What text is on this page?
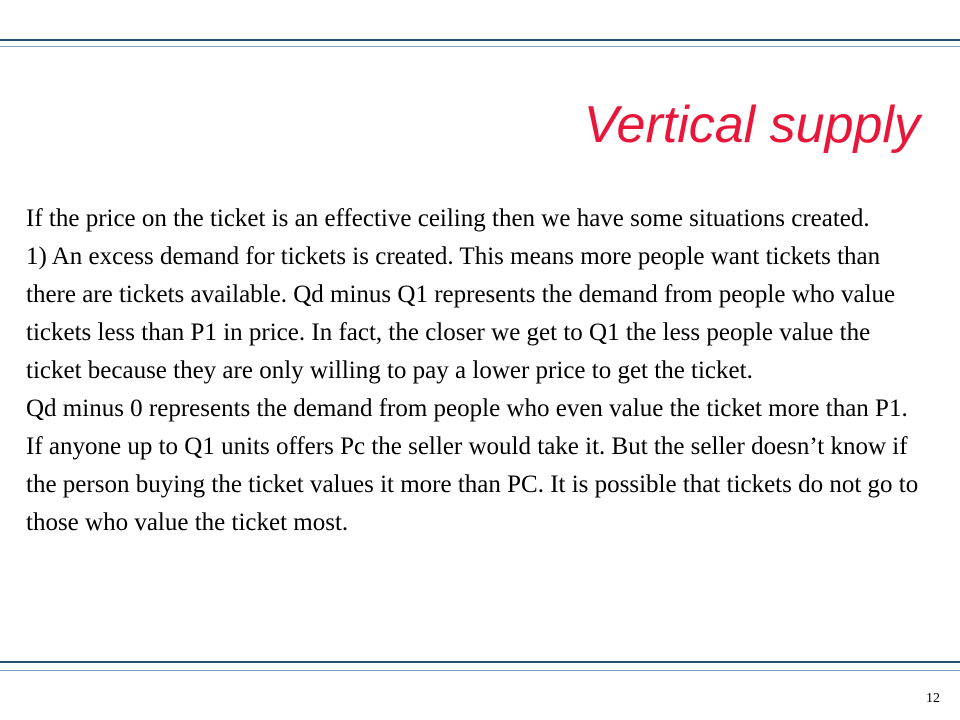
Vertical supply

If the price on the ticket is an effective ceiling then we have some situations created.

1) An excess demand for tickets is created. This means more people want tickets than there are tickets available. Qd minus Q1 represents the demand from people who value tickets less than P1 in price. In fact, the closer we get to Q1 the less people value the ticket because they are only willing to pay a lower price to get the ticket.

Qd minus 0 represents the demand from people who even value the ticket more than P1.

If anyone up to Q1 units offers Pc the seller would take it. But the seller doesn’t know if the person buying the ticket values it more than PC. It is possible that tickets do not go to those who value the ticket most.

12
